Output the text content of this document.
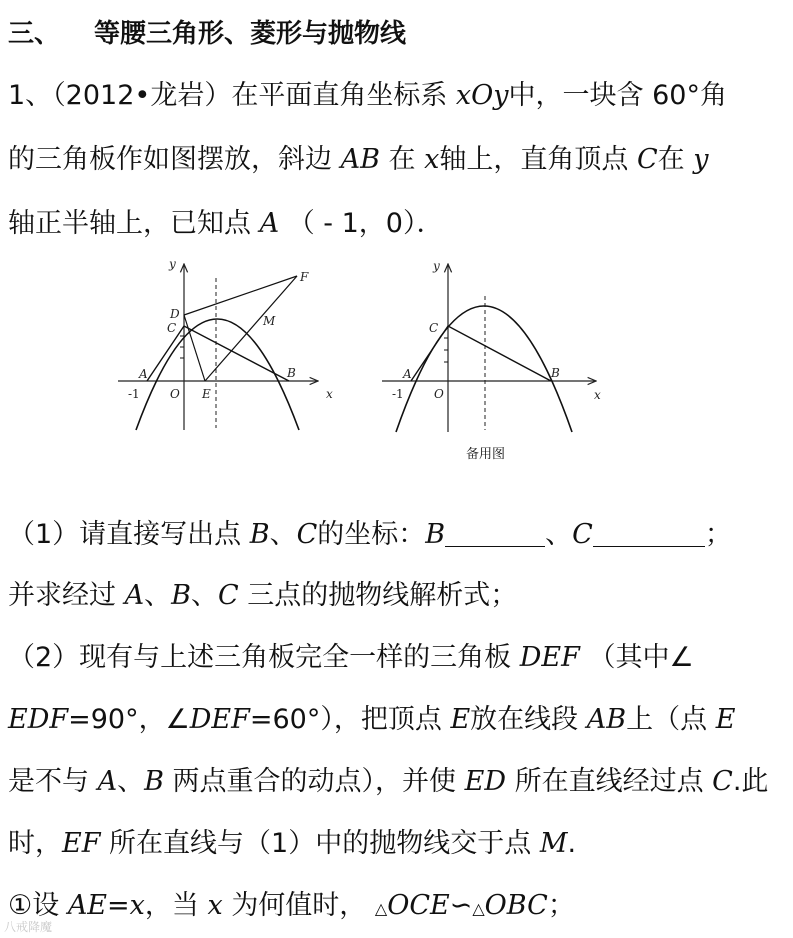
三、 等腰三角形、菱形与抛物线
1、（2012•龙岩）在平面直角坐标系 xOy中，一块含 60°角
的三角板作如图摆放，斜边 AB 在 x轴上，直角顶点 C在 y
轴正半轴上，已知点 A （ - 1，0）．
y
x
F
D
C	M
A	B
-1	O E
y
x
C
A	B
-1	O
备用图
（1）请直接写出点 B、C的坐标：B	、C	；
并求经过 A、B、C 三点的抛物线解析式；
（2）现有与上述三角板完全一样的三角板 DEF （其中∠
EDF=90°，∠DEF=60°），把顶点 E放在线段 AB上（点 E
是不与 A、B 两点重合的动点），并使 ED 所在直线经过点 C.此
时，EF 所在直线与（1）中的抛物线交于点 M.
①设 AE=x，当 x 为何值时， △OCE∽△OBC；
八戒降魔
